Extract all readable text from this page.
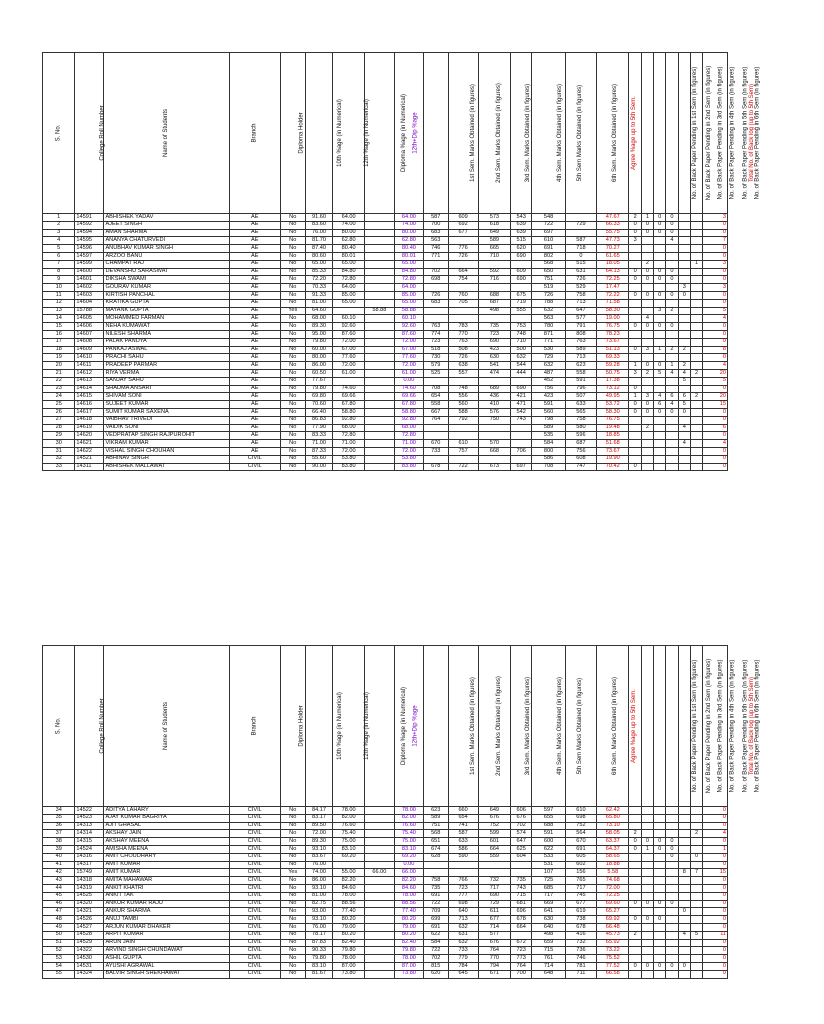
S. No.	College Roll Number	Name of Students	Branch	Diploma Holder	10th %age (in Numerical)	12th %age (in Numerical)	Diploma %age (in Numerical)	12th+Dip %age	1st Sem. Marks Obtained (in figures)	2nd Sem. Marks Obtained (in figures)	3rd Sem. Marks Obtained (in figures)	4th Sem. Marks Obtained (in figures)	5th Sem Marks Obtained (in figures)	6th Sem. Marks Obtained (in figures)	Agree %age up to 5th Sem.	No. of Back Paper Pending in 1st Sem (in figures)	No. of Back Paper Pending in 2nd Sem (in figures)	No. of Back Paper Pending in 3rd Sem (in figures)	No. of Back Paper Pending in 4th Sem (in figures)	No. of Back Paper Pending in 5th Sem (in figures)	No. of Back Paper Pending in 6th Sem (in figures)	Total No. of Back log (up to 5th Sem)
1	14591	ABHISHEK YADAV	AE	No	91.60	64.00		64.00	587	609	573	543	548		47.67	2	1	0	0			3
2	14592	AJEET SINGH	AE	No	83.60	74.00		74.00	700	692	618	639	722	729	66.33	0	0	0	0			0
3	14594	AMAN SHARMA	AE	No	76.00	80.00		80.00	683	677	649	639	697		55.75	0	0	0	0			0
4	14595	ANANYA CHATURVEDI	AE	No	81.70	62.80		62.80	563		589	515	610	587	47.73	3			4			7
5	14596	ANUBHAV KUMAR SINGH	AE	No	87.40	80.40		80.40	746	776	665	620	691	718	70.27							0
6	14597	ARZOO BANU	AE	No	80.60	80.01		80.01	771	726	710	690	802	0	61.65							0
7	14599	CHAMPAT RAJ	AE	No	65.00	65.00		65.00					568	515	18.05		2				1	3
8	14600	DEVANSHU SARASWAT	AE	No	85.33	84.80		84.80	702	664	592	609	650	631	64.13	0	0	0	0			0
9	14601	DIKSHA SWAMI	AE	No	72.20	72.80		72.80	698	754	716	690	751	726	72.25	0	0	0	0			0
10	14602	GOURAV KUMAR	AE	No	70.33	64.00		64.00					519	529	17.47					3		3
11	14603	KIRTISH PANCHAL	AE	No	91.33	85.00		85.00	726	760	688	675	726	758	72.22	0	0	0	0	0		0
12	14604	KRATIKA GUPTA	AE	No	81.00	65.00		65.00	683	705	687	719	788	713	71.58							0
13	15788	MAYANK GUPTA	AE	Yes	64.60		58.88	58.88			498	555	632	647	58.30			3	2			5
14	14605	MOHAMMED FARMAN	AE	No	68.00	60.10		60.10					563	577	19.00		4					4
15	14606	NEHA KUMAWAT	AE	No	89.30	92.60		92.60	763	783	735	753	780	791	76.75	0	0	0	0			0
16	14607	NILESH SHARMA	AE	No	95.00	87.60		87.60	774	770	723	748	871	808	78.23							0
17	14608	PALAK PANDYA	AE	No	79.80	72.00		72.00	723	763	690	710	771	763	73.67							0
18	14609	PANKAJ ASWAL	AE	No	60.00	67.00		67.00	518	508	423	500	530	589	51.13	0	3	1	2	2		8
19	14610	PRACHI SAHU	AE	No	80.00	77.60		77.60	730	726	630	632	729	713	69.33							0
20	14611	PRADEEP PARMAR	AE	No	86.00	72.00		72.00	579	638	541	544	632	623	59.28	1	0	0	1	2		4
21	14612	RIYA VERMA	AE	No	60.50	61.00		61.00	525	557	474	444	487	558	50.75	3	2	5	4	4	2	20
22	14613	SANJAY SAHU	AE	No	77.67			0.00					452	591	17.38					5		5
23	14614	SHADMA ANSARI	AE	No	79.80	74.60		74.60	708	748	689	690	756	796	73.12	0						0
24	14615	SHIVAM SONI	AE	No	69.80	69.66		69.66	654	556	436	421	423	507	49.95	1	3	4	6	6	2	20
25	14616	SUJEET KUMAR	AE	No	70.60	67.80		67.80	558	560	410	471	591	633	53.72	0	0	6	4	5		15
26	14617	SUMIT KUMAR SAXENA	AE	No	66.40	58.80		58.80	667	588	576	542	560	565	58.30	0	0	0	0	0		0
27	14618	VAIBHAV TRIVEDI	AE	No	86.83	92.80		92.80	764	792	750	743	798	758	76.75							0
28	14619	VAIDIK SONI	AE	No	77.90	68.00		68.00					589	580	19.48		2			4		6
29	14620	VEDPRATAP SINGH RAJPUROHIT	AE	No	83.33	72.80		72.80					535	596	18.85							0
30	14621	VIKRAM KUMAR	AE	No	71.00	71.00		71.00	670	610	570		584	687	51.68					4		4
31	14622	VISHAL SINGH CHOUHAN	AE	No	87.33	72.00		72.00	733	757	668	706	800	756	73.67							0
32	14521	ABHINAV SINGH	CIVIL	No	55.60	53.80		53.80					586	608	19.90							0
33	14311	ABHISHEK MALLAWAT	CIVIL	No	90.00	83.80		83.80	678	722	673	697	708	747	70.42	0						0
S. No.	College Roll Number	Name of Students	Branch	Diploma Holder	10th %age (in Numerical)	12th %age (in Numerical)	Diploma %age (in Numerical)	12th+Dip %age	1st Sem. Marks Obtained (in figures)	2nd Sem. Marks Obtained (in figures)	3rd Sem. Marks Obtained (in figures)	4th Sem. Marks Obtained (in figures)	5th Sem Marks Obtained (in figures)	6th Sem. Marks Obtained (in figures)	Agree %age up to 5th Sem.	No. of Back Paper Pending in 1st Sem (in figures)	No. of Back Paper Pending in 2nd Sem (in figures)	No. of Back Paper Pending in 3rd Sem (in figures)	No. of Back Paper Pending in 4th Sem (in figures)	No. of Back Paper Pending in 5th Sem (in figures)	No. of Back Paper Pending in 6th Sem (in figures)	Total No. of Back log (up to 5th Sem)
34	14522	ADITYA LAHARY	CIVIL	No	84.17	78.00		78.00	623	660	649	606	597	610	62.42							0
35	14523	AJAY KUMAR BAGRIYA	CIVIL	No	83.17	82.00		82.00	589	654	676	676	655	698	65.80							0
36	14313	AJIT GHASAL	CIVIL	No	89.50	76.60		76.60	751	741	752	702	688	752	73.10							0
37	14314	AKSHAY JAIN	CIVIL	No	72.00	75.40		75.40	568	587	599	574	591	564	58.05	2					2	4
38	14315	AKSHAY MEENA	CIVIL	No	89.30	75.00		75.00	651	633	601	647	600	670	63.37	0	0	0	0			0
39	14524	AMISHA MEENA	CIVIL	No	93.10	83.10		83.10	674	586	664	625	622	691	64.37	0	1	0	0			1
40	14316	AMIT CHOUDHARY	CIVIL	No	83.67	69.20		69.20	628	590	559	604	533	605	58.65				0		0	0
41	14317	AMIT KUMAR	CIVIL	No	76.00			0.00					531	602	18.88							0
42	15749	AMIT KUMAR	CIVIL	Yes	74.00	55.00	66.00	66.00					107	156	5.58					8	7	15
43	14318	AMITA MAHAWAR	CIVIL	No	86.00	82.20		82.20	758	766	732	735	725	765	74.68							0
44	14319	ANKIT KHATRI	CIVIL	No	93.10	84.60		84.60	735	723	717	743	685	717	72.00							0
45	14525	ANKIT TAK	CIVIL	No	81.00	78.00		78.00	691	777	690	715	717	745	72.25							0
46	14320	ANKUR KUMAR RAJU	CIVIL	No	82.75	88.56		88.56	722	698	729	681	669	677	69.60	0	0	0	0			0
47	14321	ANKUR SHARMA	CIVIL	No	93.00	77.40		77.40	709	640	611	696	641	619	65.27					0		0
48	14526	ANUJ TAMBI	CIVIL	No	93.10	80.20		80.20	699	713	677	678	630	738	69.92	0	0	0				0
49	14527	ARJUN KUMAR DHAKER	CIVIL	No	76.00	79.00		79.00	691	632	714	664	640	678	66.48							0
50	14528	ARPIT KUMAR	CIVIL	No	78.17	80.20		80.20	622	631	577		498	416	45.73	2				4	5	11
51	14529	ARUN JAIN	CIVIL	No	87.83	82.40		82.40	584	632	676	672	659	732	65.92							0
52	14322	ARVIND SINGH CHUNDAWAT	CIVIL	No	90.33	79.80		79.80	722	733	764	723	715	736	73.22							0
53	14530	ASHIL GUPTA	CIVIL	No	79.80	78.00		78.00	702	779	770	773	761	746	75.52							0
54	14531	AYUSHI AGRAWAL	CIVIL	No	83.10	87.00		87.00	815	784	794	764	714	781	77.52	0	0	0	0	0		0
55	14324	BALVIR SINGH SHEKHAWAT	CIVIL	No	81.67	73.80		73.80	620	645	671	700	648	711	66.58							0
